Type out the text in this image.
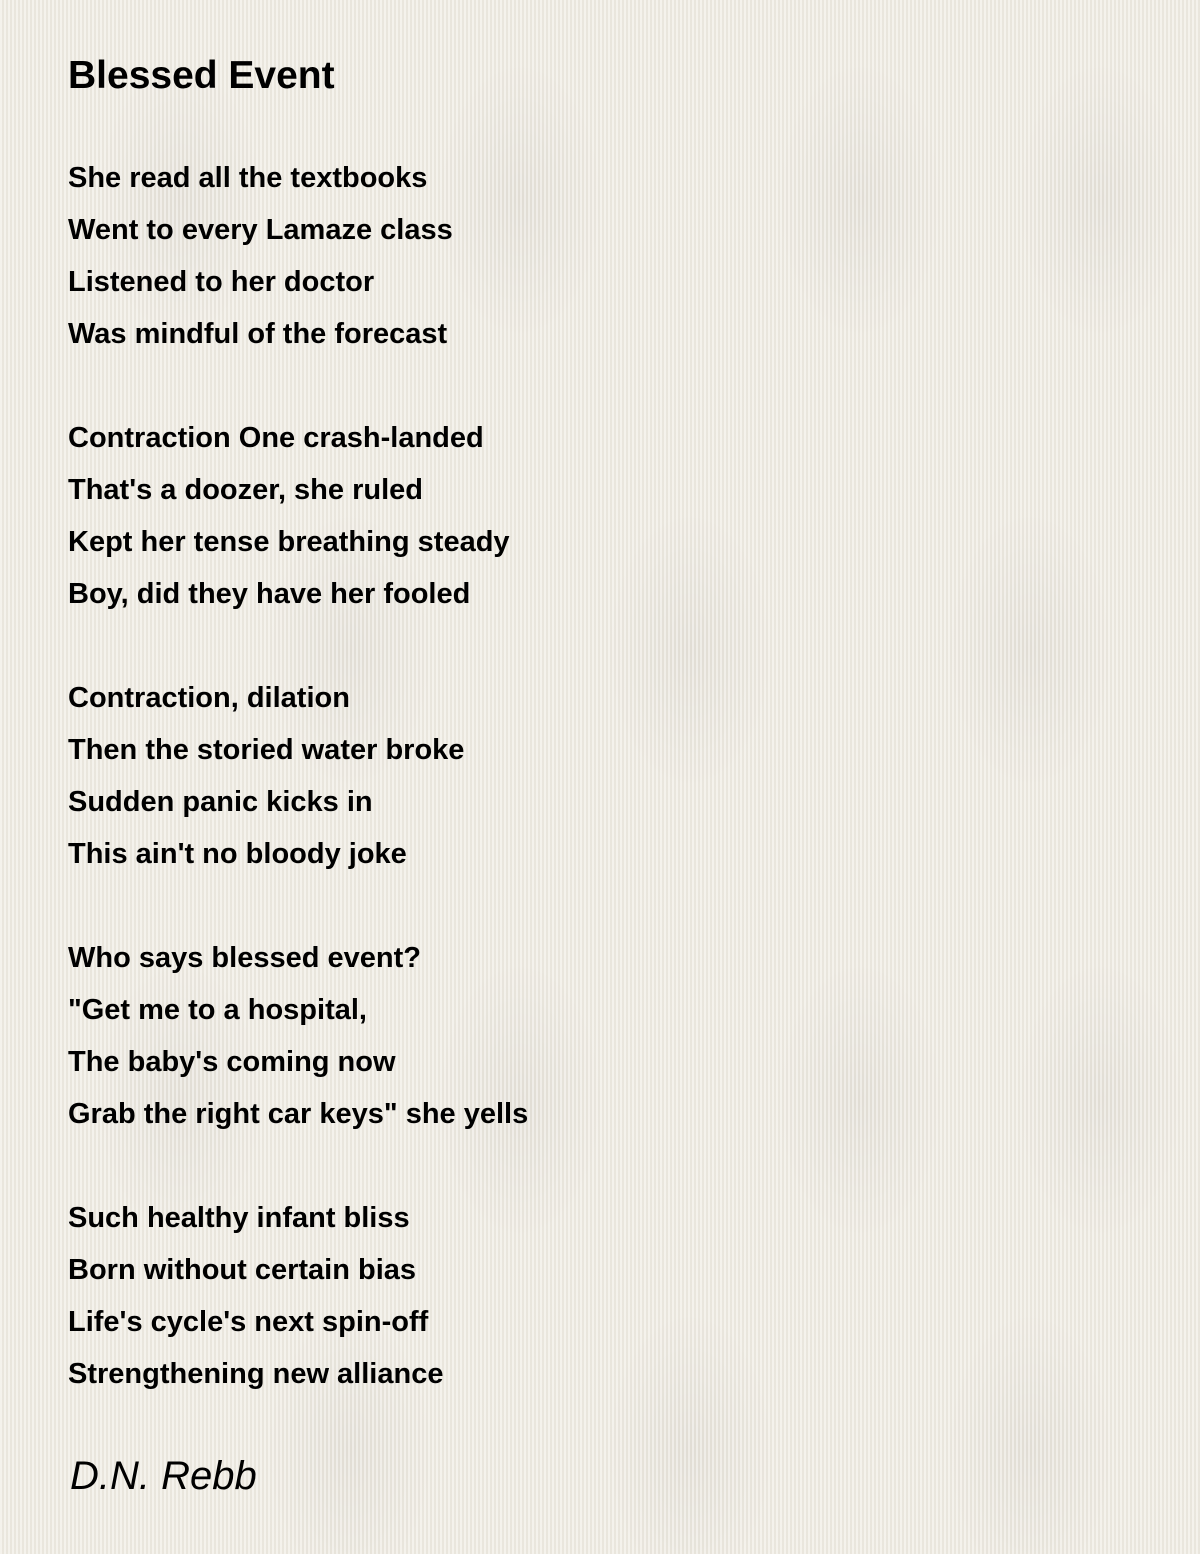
Blessed Event
She read all the textbooks
Went to every Lamaze class
Listened to her doctor
Was mindful of the forecast
Contraction One crash-landed
That's a doozer, she ruled
Kept her tense breathing steady
Boy, did they have her fooled
Contraction, dilation
Then the storied water broke
Sudden panic kicks in
This ain't no bloody joke
Who says blessed event?
"Get me to a hospital,
The baby's coming now
Grab the right car keys" she yells
Such healthy infant bliss
Born without certain bias
Life's cycle's next spin-off
Strengthening new alliance
D.N. Rebb
